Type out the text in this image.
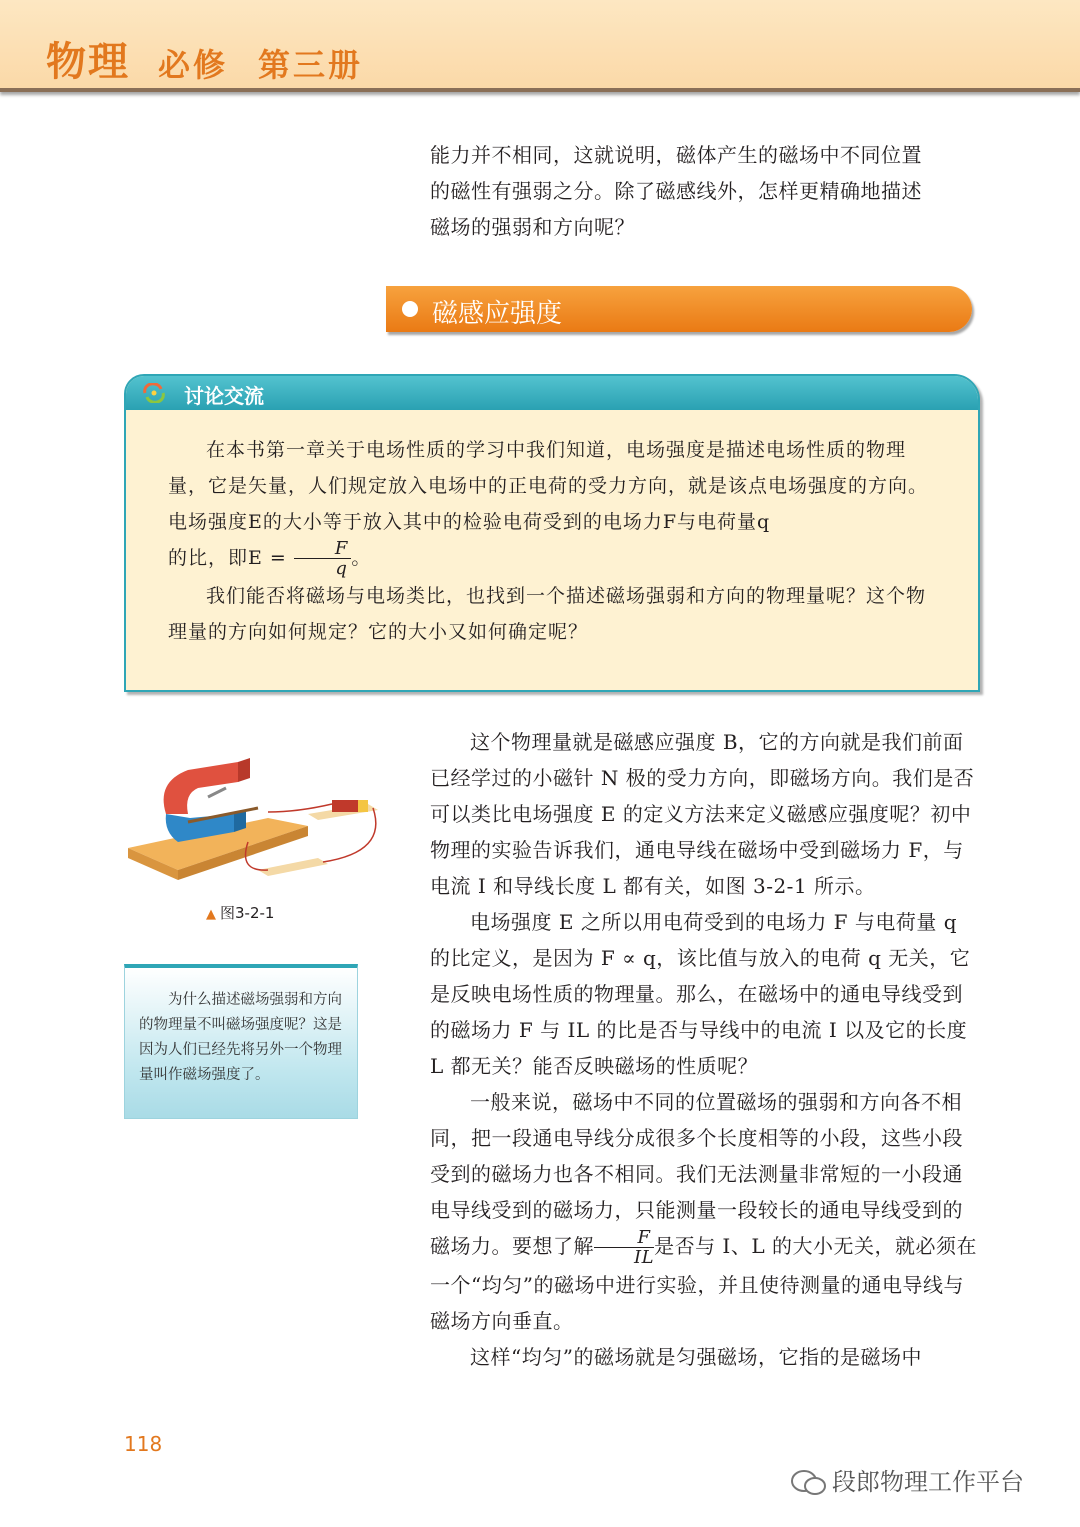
物理 必修 第三册

能力并不相同，这就说明，磁体产生的磁场中不同位置

的磁性有强弱之分。除了磁感线外，怎样更精确地描述

磁场的强弱和方向呢？

磁感应强度
讨论交流

在本书第一章关于电场性质的学习中我们知道，电场强度是描述电场性质的物理量，它是矢量，人们规定放入电场中的正电荷的受力方向，就是该点电场强度的方向。电场强度E的大小等于放入其中的检验电荷受到的电场力F与电荷量q
的比，即$E = \frac{F}{q}$ 。

我们能否将磁场与电场类比，也找到一个描述磁场强弱和方向的物理量呢？这个物理量的方向如何规定？它的大小又如何确定呢？

▲ 图3-2-1
为什么描述磁场强弱和方向的物理量不叫磁场强度呢？这是因为人们已经先将另外一个物理量叫作磁场强度了。

这个物理量就是磁感应强度 B，它的方向就是我们前面已经学过的小磁针 N 极的受力方向，即磁场方向。我们是否可以类比电场强度 E 的定义方法来定义磁感应强度呢？初中物理的实验告诉我们，通电导线在磁场中受到磁场力 F，与电流 I 和导线长度 L 都有关，如图 3-2-1 所示。

电场强度 E 之所以用电荷受到的电场力 F 与电荷量 q 的比定义，是因为 F ∝ q，该比值与放入的电荷 q 无关，它是反映电场性质的物理量。那么，在磁场中的通电导线受到的磁场力 F 与 IL 的比是否与导线中的电流 I 以及它的长度 L 都无关？能否反映磁场的性质呢？

一般来说，磁场中不同的位置磁场的强弱和方向各不相同，把一段通电导线分成很多个长度相等的小段，这些小段受到的磁场力也各不相同。我们无法测量非常短的一小段通电导线受到的磁场力，只能测量一段较长的通电导线受到的磁场力。要想了解 $\frac{F}{IL}$ 是否与 I、L 的大小无关，就必须在一个“均匀”的磁场中进行实验，并且使待测量的通电导线与磁场方向垂直。

这样“均匀”的磁场就是匀强磁场，它指的是磁场中

118
段郎物理工作平台
